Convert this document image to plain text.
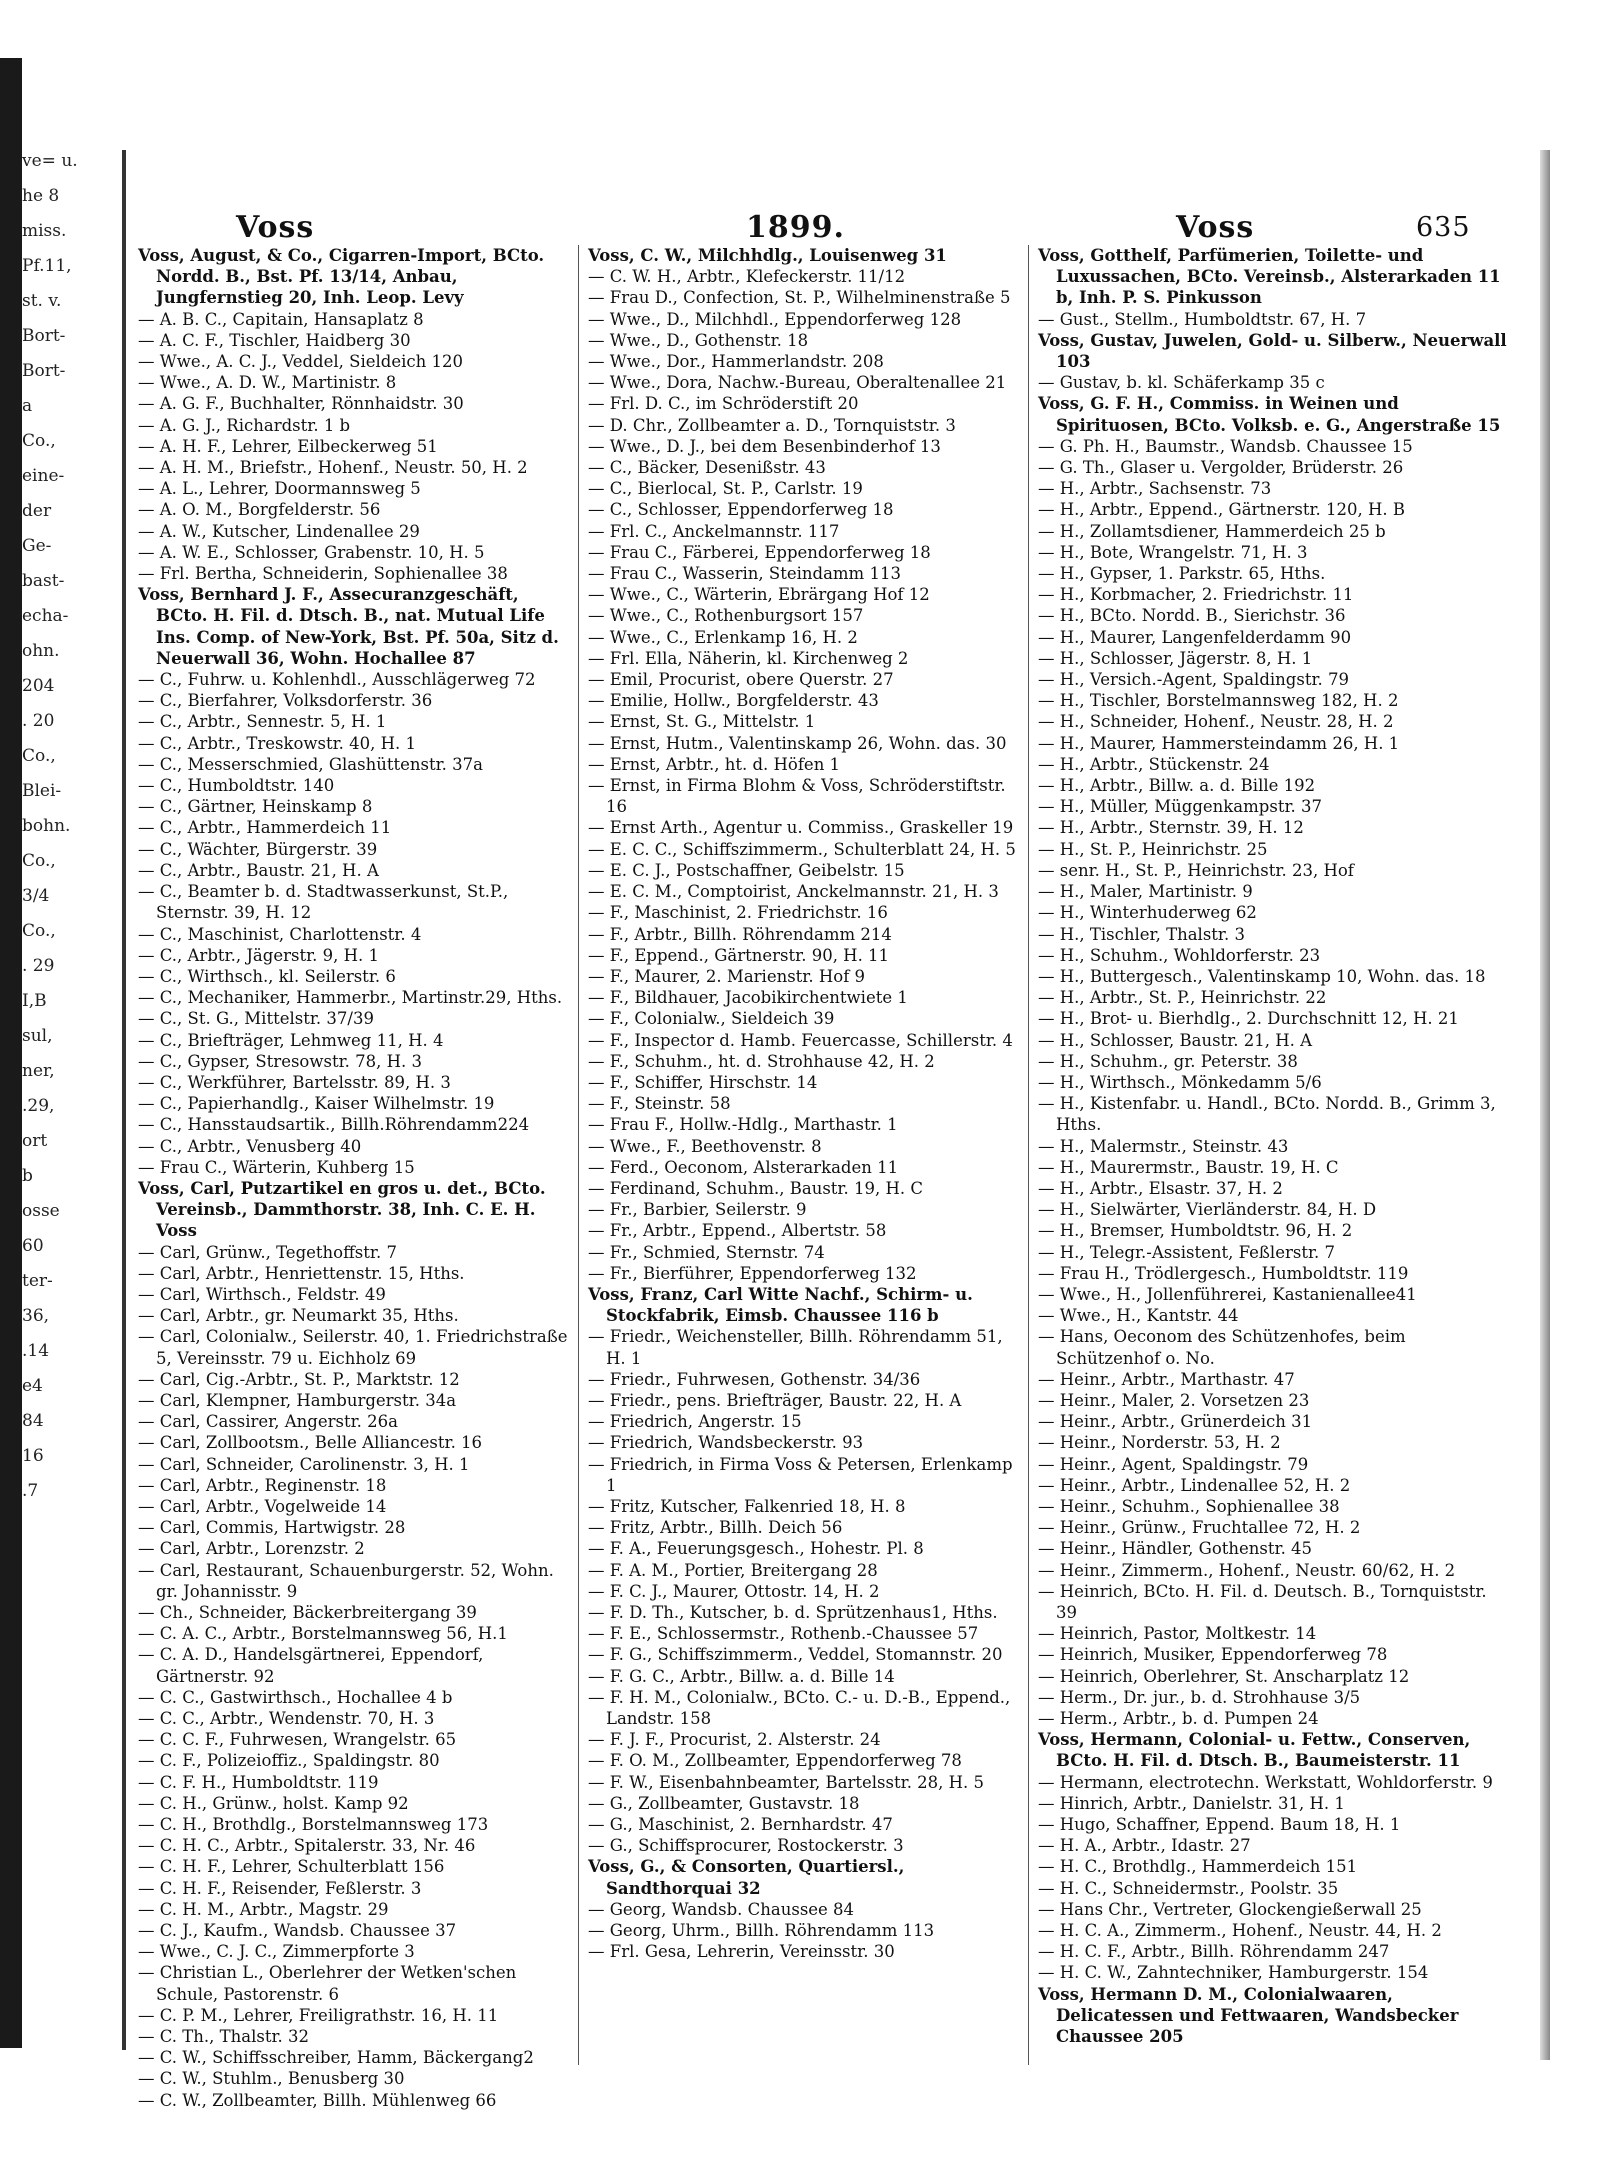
ve= u.
he 8
miss.
Pf.11,
st. v.
Bort-
Bort-
a
Co.,
eine-
der
Ge-
bast-
echa-
ohn.
204
. 20
Co.,
Blei-
bohn.
Co.,
3/4
Co.,
. 29
I,B
sul,
ner,
.29,
ort
b
osse
60
ter-
36,
.14
e4
84
16
.7
Voss	1899.	Voss	635
Voss, August, & Co., Cigarren-Import, BCto. Nordd. B., Bst. Pf. 13/14, Anbau, Jungfernstieg 20, Inh. Leop. Levy
— A. B. C., Capitain, Hansaplatz 8
— A. C. F., Tischler, Haidberg 30
— Wwe., A. C. J., Veddel, Sieldeich 120
— Wwe., A. D. W., Martinistr. 8
— A. G. F., Buchhalter, Rönnhaidstr. 30
— A. G. J., Richardstr. 1 b
— A. H. F., Lehrer, Eilbeckerweg 51
— A. H. M., Briefstr., Hohenf., Neustr. 50, H. 2
— A. L., Lehrer, Doormannsweg 5
— A. O. M., Borgfelderstr. 56
— A. W., Kutscher, Lindenallee 29
— A. W. E., Schlosser, Grabenstr. 10, H. 5
— Frl. Bertha, Schneiderin, Sophienallee 38
Voss, Bernhard J. F., Assecuranzgeschäft, BCto. H. Fil. d. Dtsch. B., nat. Mutual Life Ins. Comp. of New-York, Bst. Pf. 50a, Sitz d. Neuerwall 36, Wohn. Hochallee 87
— C., Fuhrw. u. Kohlenhdl., Ausschlägerweg 72
— C., Bierfahrer, Volksdorferstr. 36
— C., Arbtr., Sennestr. 5, H. 1
— C., Arbtr., Treskowstr. 40, H. 1
— C., Messerschmied, Glashüttenstr. 37a
— C., Humboldtstr. 140
— C., Gärtner, Heinskamp 8
— C., Arbtr., Hammerdeich 11
— C., Wächter, Bürgerstr. 39
— C., Arbtr., Baustr. 21, H. A
— C., Beamter b. d. Stadtwasserkunst, St.P., Sternstr. 39, H. 12
— C., Maschinist, Charlottenstr. 4
— C., Arbtr., Jägerstr. 9, H. 1
— C., Wirthsch., kl. Seilerstr. 6
— C., Mechaniker, Hammerbr., Martinstr.29, Hths.
— C., St. G., Mittelstr. 37/39
— C., Briefträger, Lehmweg 11, H. 4
— C., Gypser, Stresowstr. 78, H. 3
— C., Werkführer, Bartelsstr. 89, H. 3
— C., Papierhandlg., Kaiser Wilhelmstr. 19
— C., Hansstaudsartik., Billh.Röhrendamm224
— C., Arbtr., Venusberg 40
— Frau C., Wärterin, Kuhberg 15
Voss, Carl, Putzartikel en gros u. det., BCto. Vereinsb., Dammthorstr. 38, Inh. C. E. H. Voss
— Carl, Grünw., Tegethoffstr. 7
— Carl, Arbtr., Henriettenstr. 15, Hths.
— Carl, Wirthsch., Feldstr. 49
— Carl, Arbtr., gr. Neumarkt 35, Hths.
— Carl, Colonialw., Seilerstr. 40, 1. Friedrichstraße 5, Vereinsstr. 79 u. Eichholz 69
— Carl, Cig.-Arbtr., St. P., Marktstr. 12
— Carl, Klempner, Hamburgerstr. 34a
— Carl, Cassirer, Angerstr. 26a
— Carl, Zollbootsm., Belle Alliancestr. 16
— Carl, Schneider, Carolinenstr. 3, H. 1
— Carl, Arbtr., Reginenstr. 18
— Carl, Arbtr., Vogelweide 14
— Carl, Commis, Hartwigstr. 28
— Carl, Arbtr., Lorenzstr. 2
— Carl, Restaurant, Schauenburgerstr. 52, Wohn. gr. Johannisstr. 9
— Ch., Schneider, Bäckerbreitergang 39
— C. A. C., Arbtr., Borstelmannsweg 56, H.1
— C. A. D., Handelsgärtnerei, Eppendorf, Gärtnerstr. 92
— C. C., Gastwirthsch., Hochallee 4 b
— C. C., Arbtr., Wendenstr. 70, H. 3
— C. C. F., Fuhrwesen, Wrangelstr. 65
— C. F., Polizeioffiz., Spaldingstr. 80
— C. F. H., Humboldtstr. 119
— C. H., Grünw., holst. Kamp 92
— C. H., Brothdlg., Borstelmannsweg 173
— C. H. C., Arbtr., Spitalerstr. 33, Nr. 46
— C. H. F., Lehrer, Schulterblatt 156
— C. H. F., Reisender, Feßlerstr. 3
— C. H. M., Arbtr., Magstr. 29
— C. J., Kaufm., Wandsb. Chaussee 37
— Wwe., C. J. C., Zimmerpforte 3
— Christian L., Oberlehrer der Wetken'schen Schule, Pastorenstr. 6
— C. P. M., Lehrer, Freiligrathstr. 16, H. 11
— C. Th., Thalstr. 32
— C. W., Schiffsschreiber, Hamm, Bäckergang2
— C. W., Stuhlm., Benusberg 30
— C. W., Zollbeamter, Billh. Mühlenweg 66
Voss, C. W., Milchhdlg., Louisenweg 31
— C. W. H., Arbtr., Klefeckerstr. 11/12
— Frau D., Confection, St. P., Wilhelminenstraße 5
— Wwe., D., Milchhdl., Eppendorferweg 128
— Wwe., D., Gothenstr. 18
— Wwe., Dor., Hammerlandstr. 208
— Wwe., Dora, Nachw.-Bureau, Oberaltenallee 21
— Frl. D. C., im Schröderstift 20
— D. Chr., Zollbeamter a. D., Tornquiststr. 3
— Wwe., D. J., bei dem Besenbinderhof 13
— C., Bäcker, Desenißstr. 43
— C., Bierlocal, St. P., Carlstr. 19
— C., Schlosser, Eppendorferweg 18
— Frl. C., Anckelmannstr. 117
— Frau C., Färberei, Eppendorferweg 18
— Frau C., Wasserin, Steindamm 113
— Wwe., C., Wärterin, Ebrärgang Hof 12
— Wwe., C., Rothenburgsort 157
— Wwe., C., Erlenkamp 16, H. 2
— Frl. Ella, Näherin, kl. Kirchenweg 2
— Emil, Procurist, obere Querstr. 27
— Emilie, Hollw., Borgfelderstr. 43
— Ernst, St. G., Mittelstr. 1
— Ernst, Hutm., Valentinskamp 26, Wohn. das. 30
— Ernst, Arbtr., ht. d. Höfen 1
— Ernst, in Firma Blohm & Voss, Schröderstiftstr. 16
— Ernst Arth., Agentur u. Commiss., Graskeller 19
— E. C. C., Schiffszimmerm., Schulterblatt 24, H. 5
— E. C. J., Postschaffner, Geibelstr. 15
— E. C. M., Comptoirist, Anckelmannstr. 21, H. 3
— F., Maschinist, 2. Friedrichstr. 16
— F., Arbtr., Billh. Röhrendamm 214
— F., Eppend., Gärtnerstr. 90, H. 11
— F., Maurer, 2. Marienstr. Hof 9
— F., Bildhauer, Jacobikirchentwiete 1
— F., Colonialw., Sieldeich 39
— F., Inspector d. Hamb. Feuercasse, Schillerstr. 4
— F., Schuhm., ht. d. Strohhause 42, H. 2
— F., Schiffer, Hirschstr. 14
— F., Steinstr. 58
— Frau F., Hollw.-Hdlg., Marthastr. 1
— Wwe., F., Beethovenstr. 8
— Ferd., Oeconom, Alsterarkaden 11
— Ferdinand, Schuhm., Baustr. 19, H. C
— Fr., Barbier, Seilerstr. 9
— Fr., Arbtr., Eppend., Albertstr. 58
— Fr., Schmied, Sternstr. 74
— Fr., Bierführer, Eppendorferweg 132
Voss, Franz, Carl Witte Nachf., Schirm- u. Stockfabrik, Eimsb. Chaussee 116 b
— Friedr., Weichensteller, Billh. Röhrendamm 51, H. 1
— Friedr., Fuhrwesen, Gothenstr. 34/36
— Friedr., pens. Briefträger, Baustr. 22, H. A
— Friedrich, Angerstr. 15
— Friedrich, Wandsbeckerstr. 93
— Friedrich, in Firma Voss & Petersen, Erlenkamp 1
— Fritz, Kutscher, Falkenried 18, H. 8
— Fritz, Arbtr., Billh. Deich 56
— F. A., Feuerungsgesch., Hohestr. Pl. 8
— F. A. M., Portier, Breitergang 28
— F. C. J., Maurer, Ottostr. 14, H. 2
— F. D. Th., Kutscher, b. d. Sprützenhaus1, Hths.
— F. E., Schlossermstr., Rothenb.-Chaussee 57
— F. G., Schiffszimmerm., Veddel, Stomannstr. 20
— F. G. C., Arbtr., Billw. a. d. Bille 14
— F. H. M., Colonialw., BCto. C.- u. D.-B., Eppend., Landstr. 158
— F. J. F., Procurist, 2. Alsterstr. 24
— F. O. M., Zollbeamter, Eppendorferweg 78
— F. W., Eisenbahnbeamter, Bartelsstr. 28, H. 5
— G., Zollbeamter, Gustavstr. 18
— G., Maschinist, 2. Bernhardstr. 47
— G., Schiffsprocurer, Rostockerstr. 3
Voss, G., & Consorten, Quartiersl., Sandthorquai 32
— Georg, Wandsb. Chaussee 84
— Georg, Uhrm., Billh. Röhrendamm 113
— Frl. Gesa, Lehrerin, Vereinsstr. 30
Voss, Gotthelf, Parfümerien, Toilette- und Luxussachen, BCto. Vereinsb., Alsterarkaden 11 b, Inh. P. S. Pinkusson
— Gust., Stellm., Humboldtstr. 67, H. 7
Voss, Gustav, Juwelen, Gold- u. Silberw., Neuerwall 103
— Gustav, b. kl. Schäferkamp 35 c
Voss, G. F. H., Commiss. in Weinen und Spirituosen, BCto. Volksb. e. G., Angerstraße 15
— G. Ph. H., Baumstr., Wandsb. Chaussee 15
— G. Th., Glaser u. Vergolder, Brüderstr. 26
— H., Arbtr., Sachsenstr. 73
— H., Arbtr., Eppend., Gärtnerstr. 120, H. B
— H., Zollamtsdiener, Hammerdeich 25 b
— H., Bote, Wrangelstr. 71, H. 3
— H., Gypser, 1. Parkstr. 65, Hths.
— H., Korbmacher, 2. Friedrichstr. 11
— H., BCto. Nordd. B., Sierichstr. 36
— H., Maurer, Langenfelderdamm 90
— H., Schlosser, Jägerstr. 8, H. 1
— H., Versich.-Agent, Spaldingstr. 79
— H., Tischler, Borstelmannsweg 182, H. 2
— H., Schneider, Hohenf., Neustr. 28, H. 2
— H., Maurer, Hammersteindamm 26, H. 1
— H., Arbtr., Stückenstr. 24
— H., Arbtr., Billw. a. d. Bille 192
— H., Müller, Müggenkampstr. 37
— H., Arbtr., Sternstr. 39, H. 12
— H., St. P., Heinrichstr. 25
— senr. H., St. P., Heinrichstr. 23, Hof
— H., Maler, Martinistr. 9
— H., Winterhuderweg 62
— H., Tischler, Thalstr. 3
— H., Schuhm., Wohldorferstr. 23
— H., Buttergesch., Valentinskamp 10, Wohn. das. 18
— H., Arbtr., St. P., Heinrichstr. 22
— H., Brot- u. Bierhdlg., 2. Durchschnitt 12, H. 21
— H., Schlosser, Baustr. 21, H. A
— H., Schuhm., gr. Peterstr. 38
— H., Wirthsch., Mönkedamm 5/6
— H., Kistenfabr. u. Handl., BCto. Nordd. B., Grimm 3, Hths.
— H., Malermstr., Steinstr. 43
— H., Maurermstr., Baustr. 19, H. C
— H., Arbtr., Elsastr. 37, H. 2
— H., Sielwärter, Vierländerstr. 84, H. D
— H., Bremser, Humboldtstr. 96, H. 2
— H., Telegr.-Assistent, Feßlerstr. 7
— Frau H., Trödlergesch., Humboldtstr. 119
— Wwe., H., Jollenführerei, Kastanienallee41
— Wwe., H., Kantstr. 44
— Hans, Oeconom des Schützenhofes, beim Schützenhof o. No.
— Heinr., Arbtr., Marthastr. 47
— Heinr., Maler, 2. Vorsetzen 23
— Heinr., Arbtr., Grünerdeich 31
— Heinr., Norderstr. 53, H. 2
— Heinr., Agent, Spaldingstr. 79
— Heinr., Arbtr., Lindenallee 52, H. 2
— Heinr., Schuhm., Sophienallee 38
— Heinr., Grünw., Fruchtallee 72, H. 2
— Heinr., Händler, Gothenstr. 45
— Heinr., Zimmerm., Hohenf., Neustr. 60/62, H. 2
— Heinrich, BCto. H. Fil. d. Deutsch. B., Tornquiststr. 39
— Heinrich, Pastor, Moltkestr. 14
— Heinrich, Musiker, Eppendorferweg 78
— Heinrich, Oberlehrer, St. Anscharplatz 12
— Herm., Dr. jur., b. d. Strohhause 3/5
— Herm., Arbtr., b. d. Pumpen 24
Voss, Hermann, Colonial- u. Fettw., Conserven, BCto. H. Fil. d. Dtsch. B., Baumeisterstr. 11
— Hermann, electrotechn. Werkstatt, Wohldorferstr. 9
— Hinrich, Arbtr., Danielstr. 31, H. 1
— Hugo, Schaffner, Eppend. Baum 18, H. 1
— H. A., Arbtr., Idastr. 27
— H. C., Brothdlg., Hammerdeich 151
— H. C., Schneidermstr., Poolstr. 35
— Hans Chr., Vertreter, Glockengießerwall 25
— H. C. A., Zimmerm., Hohenf., Neustr. 44, H. 2
— H. C. F., Arbtr., Billh. Röhrendamm 247
— H. C. W., Zahntechniker, Hamburgerstr. 154
Voss, Hermann D. M., Colonialwaaren, Delicatessen und Fettwaaren, Wandsbecker Chaussee 205
